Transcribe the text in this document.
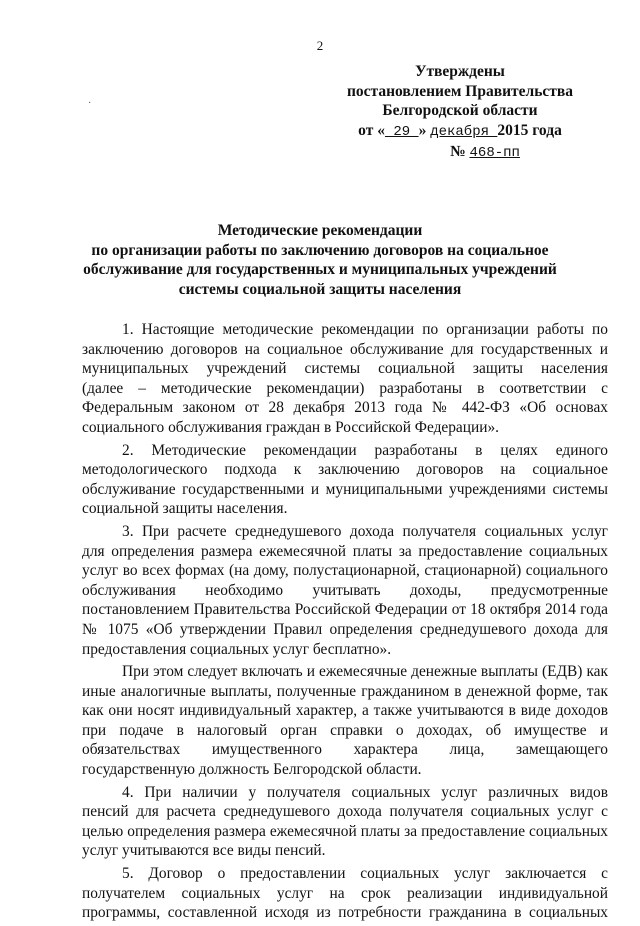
2
·
Утверждены
постановлением Правительства
Белгородской области
от « 29 » декабря 2015 года
№ 468-пп
Методические рекомендации
по организации работы по заключению договоров на социальное
обслуживание для государственных и муниципальных учреждений
системы социальной защиты населения
1. Настоящие методические рекомендации по организации работы по
заключению договоров на социальное обслуживание для государственных и
муниципальных учреждений системы социальной защиты населения
(далее – методические рекомендации) разработаны в соответствии с
Федеральным законом от 28 декабря 2013 года № 442-ФЗ «Об основах
социального обслуживания граждан в Российской Федерации».
2. Методические рекомендации разработаны в целях единого
методологического подхода к заключению договоров на социальное
обслуживание государственными и муниципальными учреждениями системы
социальной защиты населения.
3. При расчете среднедушевого дохода получателя социальных услуг
для определения размера ежемесячной платы за предоставление социальных
услуг во всех формах (на дому, полустационарной, стационарной) социального
обслуживания необходимо учитывать доходы, предусмотренные
постановлением Правительства Российской Федерации от 18 октября 2014 года
№ 1075 «Об утверждении Правил определения среднедушевого дохода для
предоставления социальных услуг бесплатно».
При этом следует включать и ежемесячные денежные выплаты (ЕДВ) как
иные аналогичные выплаты, полученные гражданином в денежной форме, так
как они носят индивидуальный характер, а также учитываются в виде доходов
при подаче в налоговый орган справки о доходах, об имуществе и
обязательствах имущественного характера лица, замещающего
государственную должность Белгородской области.
4. При наличии у получателя социальных услуг различных видов
пенсий для расчета среднедушевого дохода получателя социальных услуг с
целью определения размера ежемесячной платы за предоставление социальных
услуг учитываются все виды пенсий.
5. Договор о предоставлении социальных услуг заключается с
получателем социальных услуг на срок реализации индивидуальной
программы, составленной исходя из потребности гражданина в социальных
